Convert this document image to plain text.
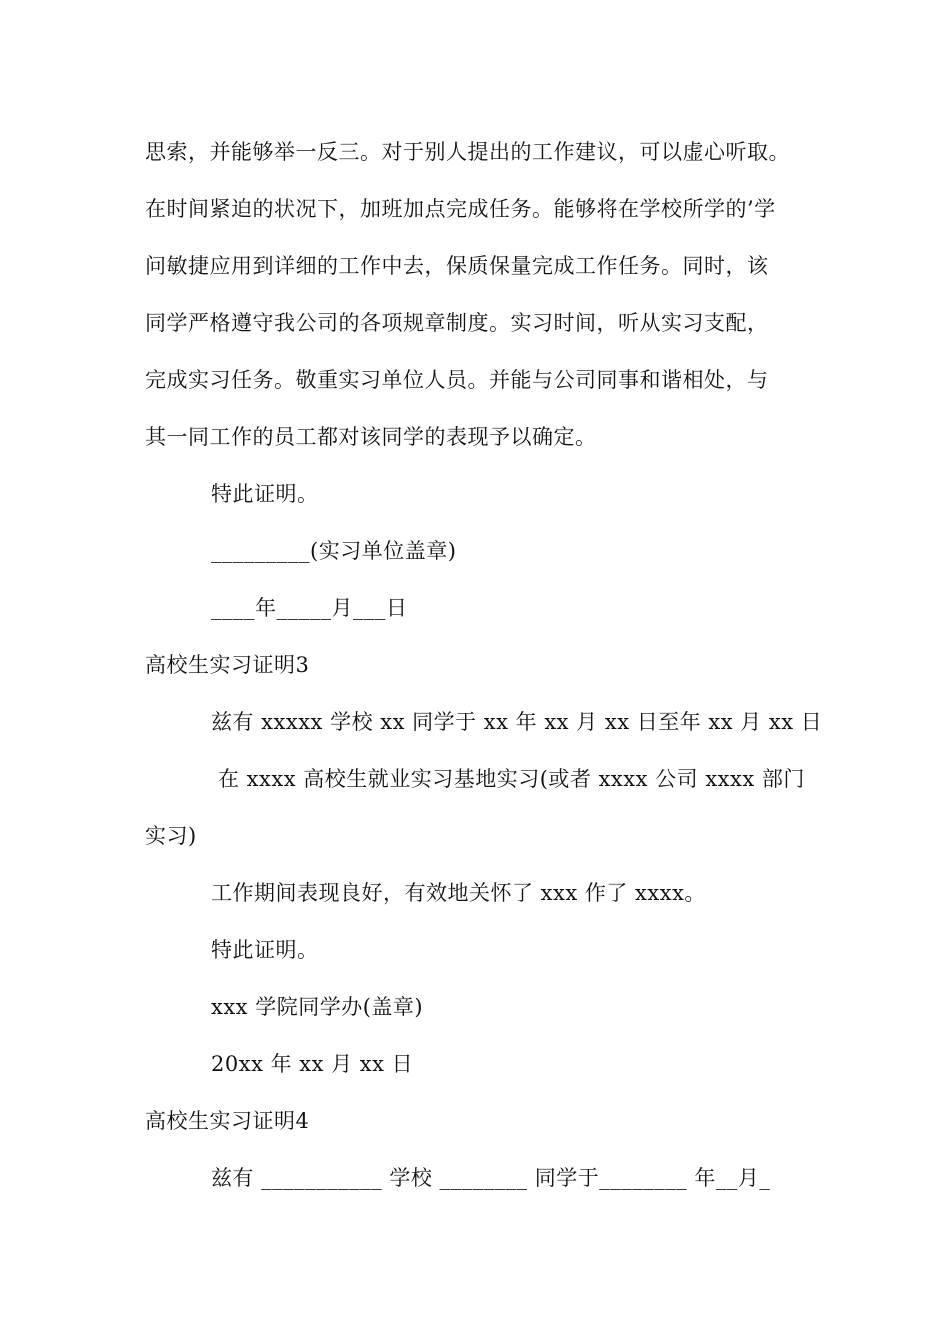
思索，并能够举一反三。对于别人提出的工作建议，可以虚心听取。
在时间紧迫的状况下，加班加点完成任务。能够将在学校所学的’学
问敏捷应用到详细的工作中去，保质保量完成工作任务。同时，该
同学严格遵守我公司的各项规章制度。实习时间，听从实习支配，
完成实习任务。敬重实习单位人员。并能与公司同事和谐相处，与
其一同工作的员工都对该同学的表现予以确定。
特此证明。
_________(实习单位盖章)
____年_____月___日
高校生实习证明3
兹有 xxxxx 学校 xx 同学于 xx 年 xx 月 xx 日至年 xx 月 xx 日
在 xxxx 高校生就业实习基地实习(或者 xxxx 公司 xxxx 部门
实习)
工作期间表现良好，有效地关怀了 xxx 作了 xxxx。
特此证明。
xxx 学院同学办(盖章)
20xx 年 xx 月 xx 日
高校生实习证明4
兹有 ___________ 学校 ________ 同学于________ 年__月_
